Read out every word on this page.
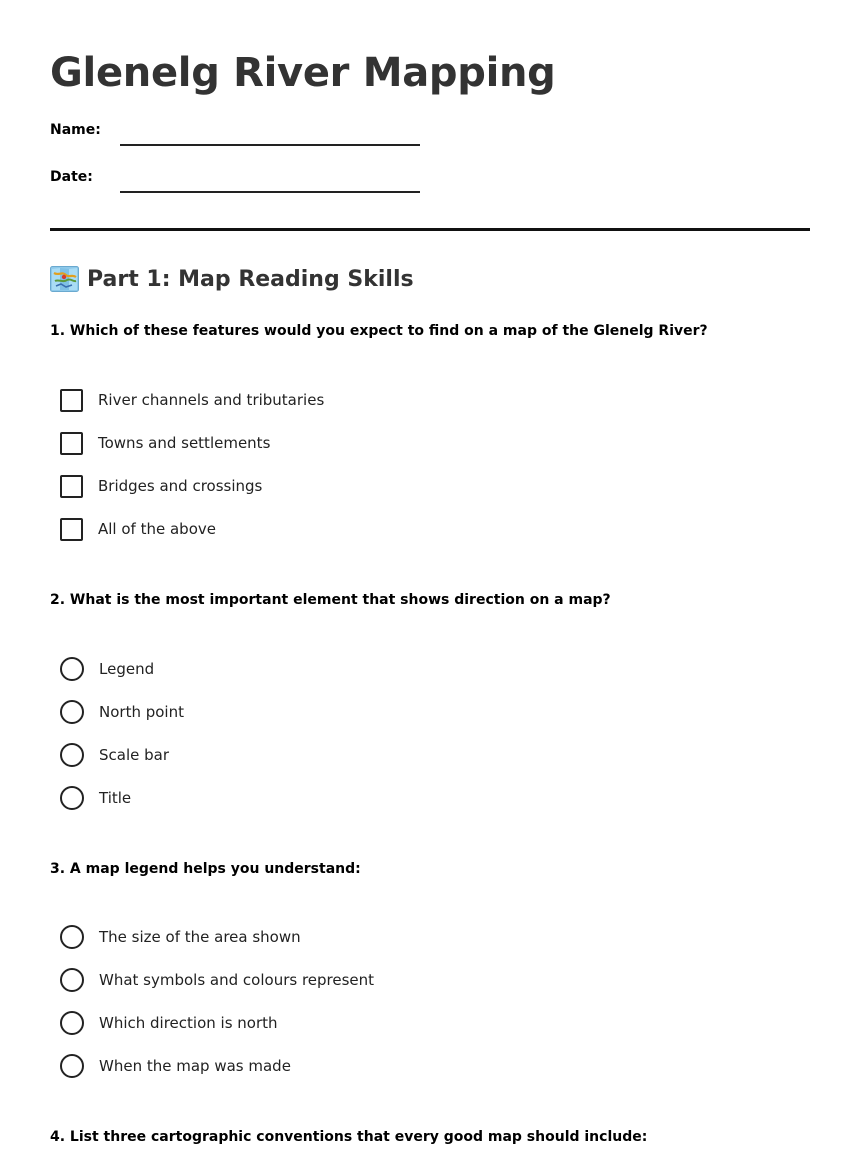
Glenelg River Mapping
Name:
Date:
Part 1: Map Reading Skills

1. Which of these features would you expect to find on a map of the Glenelg River?

River channels and tributaries
Towns and settlements
Bridges and crossings
All of the above

2. What is the most important element that shows direction on a map?

Legend
North point
Scale bar
Title

3. A map legend helps you understand:

The size of the area shown
What symbols and colours represent
Which direction is north
When the map was made

4. List three cartographic conventions that every good map should include:
